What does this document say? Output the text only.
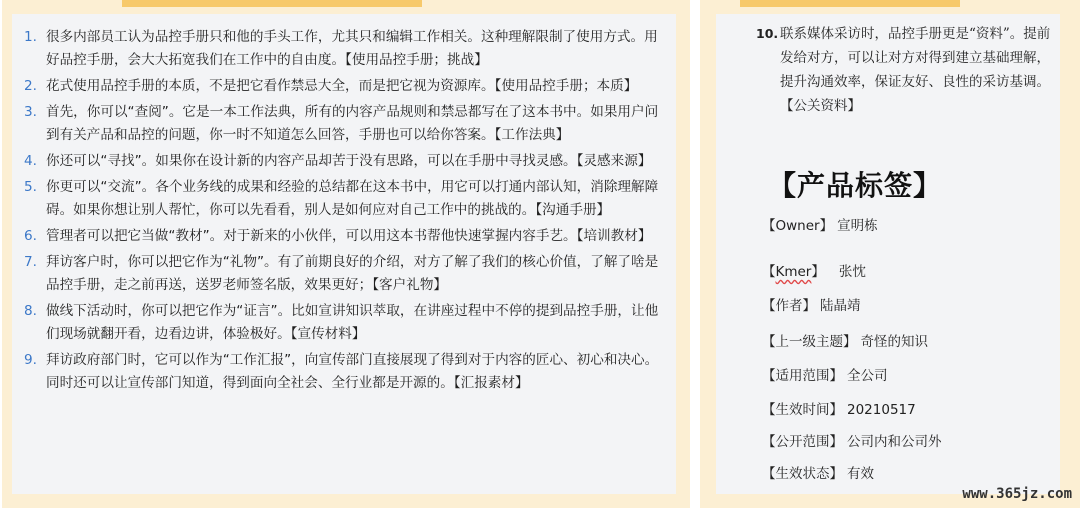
1. 很多内部员工认为品控手册只和他的手头工作，尤其只和编辑工作相关。这种理解限制了使用方式。用好品控手册，会大大拓宽我们在工作中的自由度。【使用品控手册；挑战】
2. 花式使用品控手册的本质，不是把它看作禁忌大全，而是把它视为资源库。【使用品控手册；本质】
3. 首先，你可以“查阅”。它是一本工作法典，所有的内容产品规则和禁忌都写在了这本书中。如果用户问到有关产品和品控的问题，你一时不知道怎么回答，手册也可以给你答案。【工作法典】
4. 你还可以“寻找”。如果你在设计新的内容产品却苦于没有思路，可以在手册中寻找灵感。【灵感来源】
5. 你更可以“交流”。各个业务线的成果和经验的总结都在这本书中，用它可以打通内部认知，消除理解障碍。如果你想让别人帮忙，你可以先看看，别人是如何应对自己工作中的挑战的。【沟通手册】
6. 管理者可以把它当做“教材”。对于新来的小伙伴，可以用这本书帮他快速掌握内容手艺。【培训教材】
7. 拜访客户时，你可以把它作为“礼物”。有了前期良好的介绍，对方了解了我们的核心价值，了解了啥是品控手册，走之前再送，送罗老师签名版，效果更好；【客户礼物】
8. 做线下活动时，你可以把它作为“证言”。比如宣讲知识萃取，在讲座过程中不停的提到品控手册，让他们现场就翻开看，边看边讲，体验极好。【宣传材料】
9. 拜访政府部门时，它可以作为“工作汇报”，向宣传部门直接展现了得到对于内容的匠心、初心和决心。同时还可以让宣传部门知道，得到面向全社会、全行业都是开源的。【汇报素材】
10. 联系媒体采访时，品控手册更是“资料”。提前发给对方，可以让对方对得到建立基础理解，提升沟通效率，保证友好、良性的采访基调。【公关资料】
【产品标签】
【Owner】 宣明栋
【Kmer】 张忱
【作者】 陆晶靖
【上一级主题】 奇怪的知识
【适用范围】 全公司
【生效时间】 20210517
【公开范围】 公司内和公司外
【生效状态】 有效
www.365jz.com
